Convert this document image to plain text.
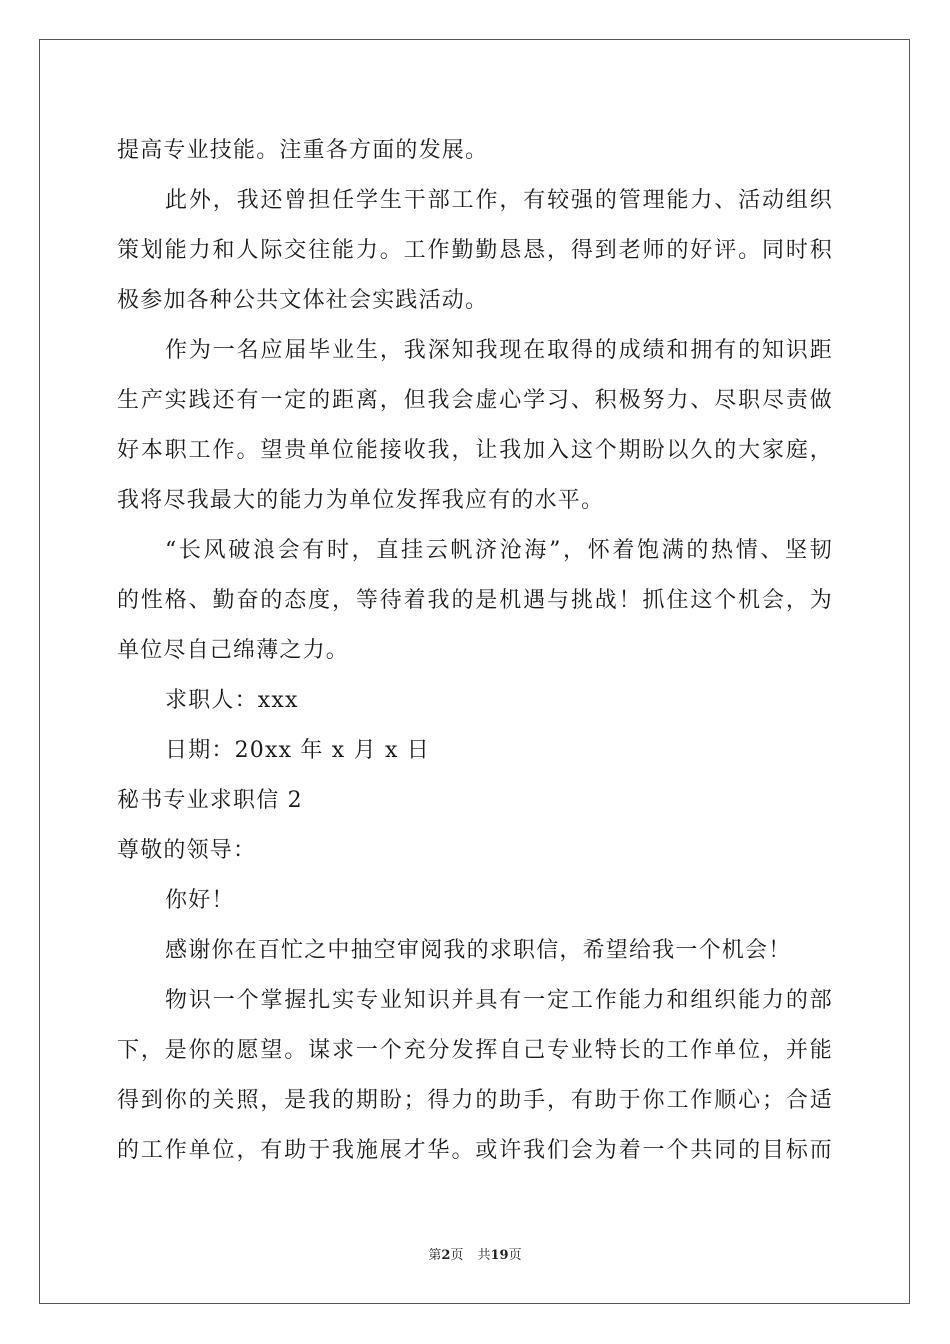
提高专业技能。注重各方面的发展。
此外，我还曾担任学生干部工作，有较强的管理能力、活动组织
策划能力和人际交往能力。工作勤勤恳恳，得到老师的好评。同时积
极参加各种公共文体社会实践活动。
作为一名应届毕业生，我深知我现在取得的成绩和拥有的知识距
生产实践还有一定的距离，但我会虚心学习、积极努力、尽职尽责做
好本职工作。望贵单位能接收我，让我加入这个期盼以久的大家庭，
我将尽我最大的能力为单位发挥我应有的水平。
“长风破浪会有时，直挂云帆济沧海”，怀着饱满的热情、坚韧
的性格、勤奋的态度，等待着我的是机遇与挑战！抓住这个机会，为
单位尽自己绵薄之力。
求职人：xxx
日期：20xx 年 x 月 x 日
秘书专业求职信 2
尊敬的领导：
你好！
感谢你在百忙之中抽空审阅我的求职信，希望给我一个机会！
物识一个掌握扎实专业知识并具有一定工作能力和组织能力的部
下，是你的愿望。谋求一个充分发挥自己专业特长的工作单位，并能
得到你的关照，是我的期盼；得力的助手，有助于你工作顺心；合适
的工作单位，有助于我施展才华。或许我们会为着一个共同的目标而
第2页 共19页
